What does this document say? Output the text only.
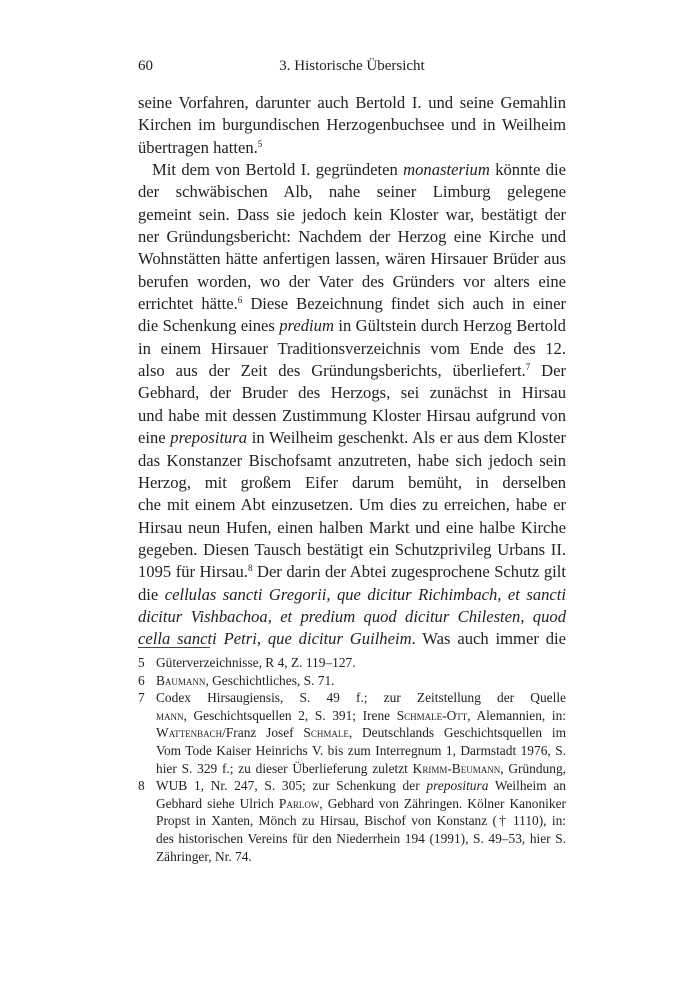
60	3. Historische Übersicht
seine Vorfahren, darunter auch Bertold I. und seine Gemahlin
Kirchen im burgundischen Herzogenbuchsee und in Weilheim
übertragen hatten.$^5$
Mit dem von Bertold I. gegründeten monasterium könnte die
der schwäbischen Alb, nahe seiner Limburg gelegene
gemeint sein. Dass sie jedoch kein Kloster war, bestätigt der
ner Gründungsbericht: Nachdem der Herzog eine Kirche und
Wohnstätten hätte anfertigen lassen, wären Hirsauer Brüder aus
berufen worden, wo der Vater des Gründers vor alters eine
errichtet hätte.$^6$ Diese Bezeichnung findet sich auch in einer
die Schenkung eines predium in Gültstein durch Herzog Bertold
in einem Hirsauer Traditionsverzeichnis vom Ende des 12.
also aus der Zeit des Gründungsberichts, überliefert.$^7$ Der
Gebhard, der Bruder des Herzogs, sei zunächst in Hirsau
und habe mit dessen Zustimmung Kloster Hirsau aufgrund von
eine prepositura in Weilheim geschenkt. Als er aus dem Kloster
das Konstanzer Bischofsamt anzutreten, habe sich jedoch sein
Herzog, mit großem Eifer darum bemüht, in derselben
che mit einem Abt einzusetzen. Um dies zu erreichen, habe er
Hirsau neun Hufen, einen halben Markt und eine halbe Kirche
gegeben. Diesen Tausch bestätigt ein Schutzprivileg Urbans II.
1095 für Hirsau.$^8$ Der darin der Abtei zugesprochene Schutz gilt
die cellulas sancti Gregorii, que dicitur Richimbach, et sancti
dicitur Vishbachoa, et predium quod dicitur Chilesten, quod
cella sancti Petri, que dicitur Guilheim. Was auch immer die
5 Güterverzeichnisse, R 4, Z. 119–127.
6 Baumann, Geschichtliches, S. 71.
7 Codex Hirsaugiensis, S. 49 f.; zur Zeitstellung der Quelle
mann, Geschichtsquellen 2, S. 391; Irene Schmale-Ott, Alemannien, in:
Wattenbach/Franz Josef Schmale, Deutschlands Geschichtsquellen im
Vom Tode Kaiser Heinrichs V. bis zum Interregnum 1, Darmstadt 1976, S.
hier S. 329 f.; zu dieser Überlieferung zuletzt Krimm-Beumann, Gründung,
8 WUB 1, Nr. 247, S. 305; zur Schenkung der prepositura Weilheim an
Gebhard siehe Ulrich Parlow, Gebhard von Zähringen. Kölner Kanoniker
Propst in Xanten, Mönch zu Hirsau, Bischof von Konstanz († 1110), in:
des historischen Vereins für den Niederrhein 194 (1991), S. 49–53, hier S.
Zähringer, Nr. 74.
